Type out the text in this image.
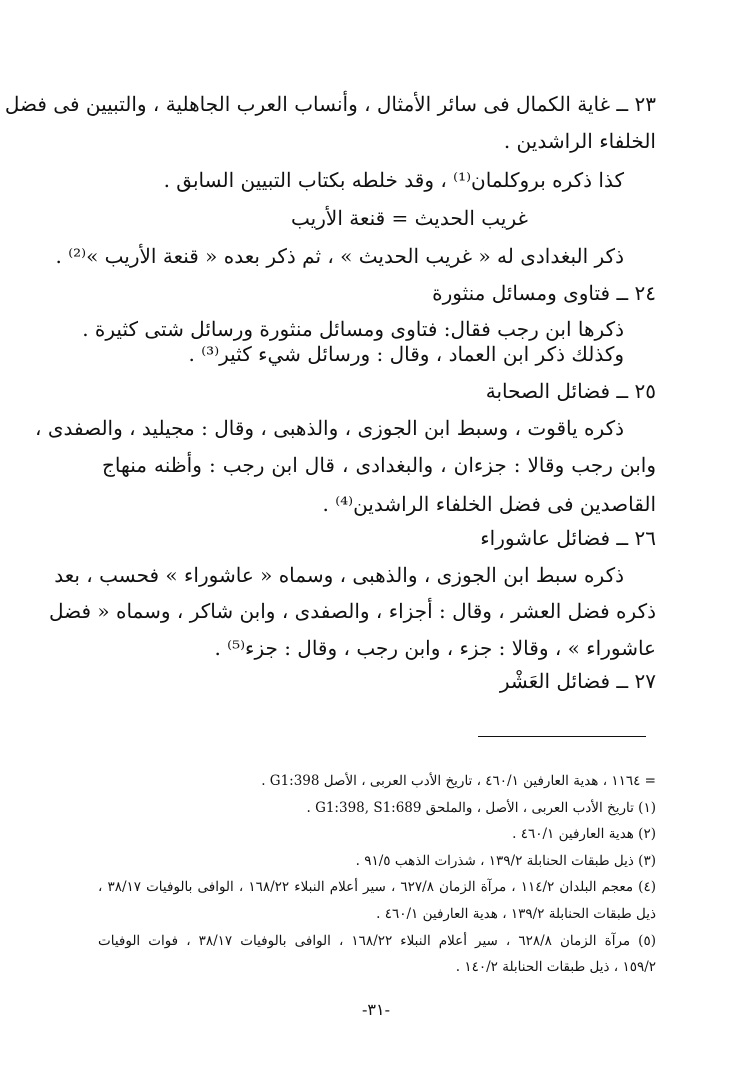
٢٣ ــ غاية الكمال فى سائر الأمثال ، وأنساب العرب الجاهلية ، والتبيين فى فضل
الخلفاء الراشدين .
كذا ذكره بروكلمان⁽¹⁾ ، وقد خلطه بكتاب التبيين السابق .
غريب الحديث = قنعة الأريب
ذكر البغدادى له « غريب الحديث » ، ثم ذكر بعده « قنعة الأريب »⁽²⁾ .
٢٤ ــ فتاوى ومسائل منثورة
ذكرها ابن رجب فقال: فتاوى ومسائل منثورة ورسائل شتى كثيرة .
وكذلك ذكر ابن العماد ، وقال : ورسائل شيء كثير⁽³⁾ .
٢٥ ــ فضائل الصحابة
ذكره ياقوت ، وسبط ابن الجوزى ، والذهبى ، وقال : مجيليد ، والصفدى ،
وابن رجب وقالا : جزءان ، والبغدادى ، قال ابن رجب : وأظنه منهاج
القاصدين فى فضل الخلفاء الراشدين⁽⁴⁾ .
٢٦ ــ فضائل عاشوراء
ذكره سبط ابن الجوزى ، والذهبى ، وسماه « عاشوراء » فحسب ، بعد
ذكره فضل العشر ، وقال : أجزاء ، والصفدى ، وابن شاكر ، وسماه « فضل
عاشوراء » ، وقالا : جزء ، وابن رجب ، وقال : جزء⁽⁵⁾ .
٢٧ ــ فضائل العَشْر
= ١١٦٤ ، هدية العارفين ٤٦٠/١ ، تاريخ الأدب العربى ، الأصل G1:398 .
(١) تاريخ الأدب العربى ، الأصل ، والملحق G1:398, S1:689 .
(٢) هدية العارفين ٤٦٠/١ .
(٣) ذيل طبقات الحنابلة ١٣٩/٢ ، شذرات الذهب ٩١/٥ .
(٤) معجم البلدان ١١٤/٢ ، مرآة الزمان ٦٢٧/٨ ، سير أعلام النبلاء ١٦٨/٢٢ ، الوافى بالوفيات ٣٨/١٧ ،
ذيل طبقات الحنابلة ١٣٩/٢ ، هدية العارفين ٤٦٠/١ .
(٥) مرآة الزمان ٦٢٨/٨ ، سير أعلام النبلاء ١٦٨/٢٢ ، الوافى بالوفيات ٣٨/١٧ ، فوات الوفيات
١٥٩/٢ ، ذيل طبقات الحنابلة ١٤٠/٢ .
-٣١-
